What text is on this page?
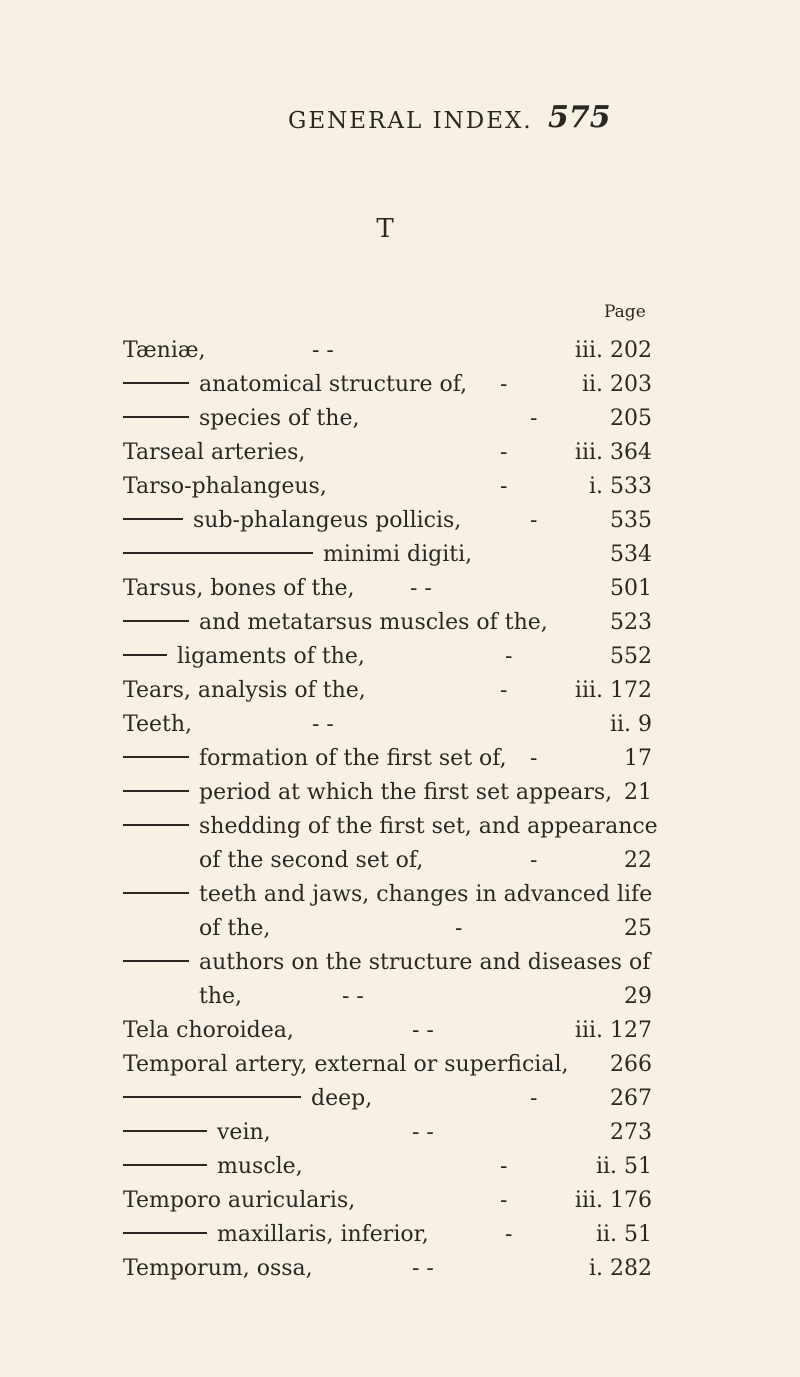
GENERAL INDEX. 575
T
Page
Tæniæ,	- -	iii. 202
anatomical structure of, -	ii. 203
species of the,	-	205
Tarseal arteries,	-	iii. 364
Tarso-phalangeus,	-	i. 533
sub-phalangeus pollicis,	-	535
minimi digiti,	534
Tarsus, bones of the,	- -	501
and metatarsus muscles of the,	523
ligaments of the,	-	552
Tears, analysis of the,	-	iii. 172
Teeth,	- -	ii. 9
formation of the first set of, -	17
period at which the first set appears, 21
shedding of the first set, and appearance
of the second set of,	-	22
teeth and jaws, changes in advanced life
of the,	-	25
authors on the structure and diseases of
the,	- -	29
Tela choroidea,	- -	iii. 127
Temporal artery, external or superficial, 266
deep,	-	267
vein,	- -	273
muscle,	-	ii. 51
Temporo auricularis,	-	iii. 176
maxillaris, inferior,	-	ii. 51
Temporum, ossa,	- -	i. 282
